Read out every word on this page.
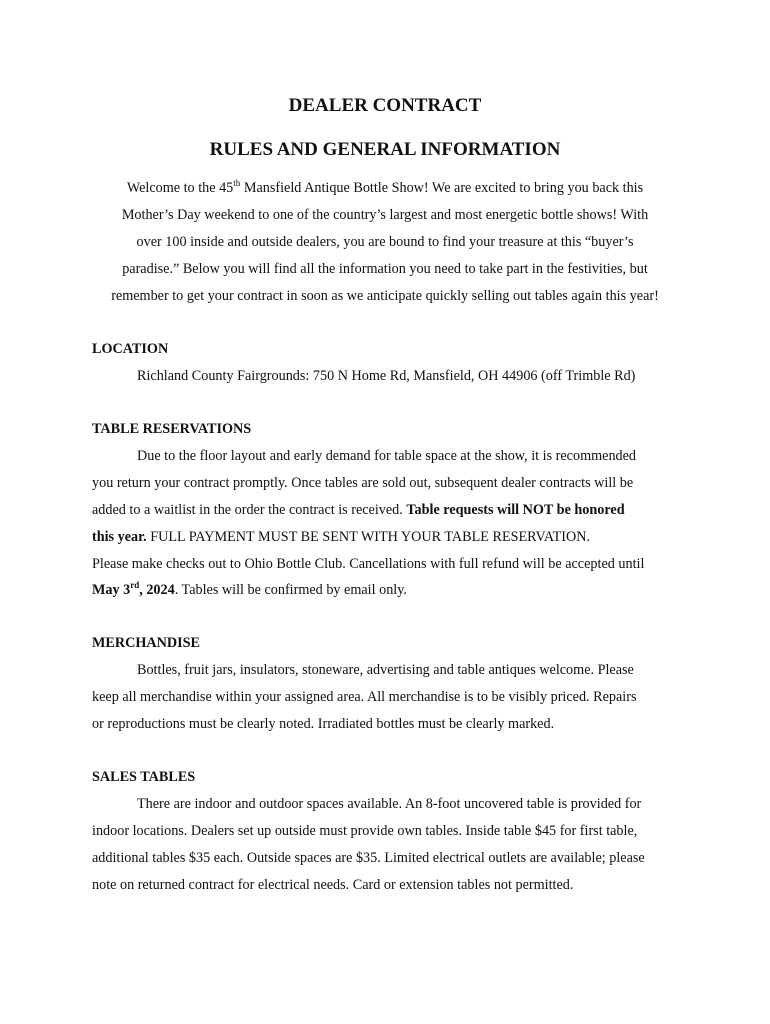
DEALER CONTRACT
RULES AND GENERAL INFORMATION

Welcome to the 45th Mansfield Antique Bottle Show! We are excited to bring you back this

Mother’s Day weekend to one of the country’s largest and most energetic bottle shows! With

over 100 inside and outside dealers, you are bound to find your treasure at this “buyer’s

paradise.” Below you will find all the information you need to take part in the festivities, but

remember to get your contract in soon as we anticipate quickly selling out tables again this year!

LOCATION

Richland County Fairgrounds: 750 N Home Rd, Mansfield, OH 44906 (off Trimble Rd)

TABLE RESERVATIONS

Due to the floor layout and early demand for table space at the show, it is recommended

you return your contract promptly. Once tables are sold out, subsequent dealer contracts will be

added to a waitlist in the order the contract is received. Table requests will NOT be honored

this year. FULL PAYMENT MUST BE SENT WITH YOUR TABLE RESERVATION.

Please make checks out to Ohio Bottle Club. Cancellations with full refund will be accepted until

May 3rd, 2024. Tables will be confirmed by email only.

MERCHANDISE

Bottles, fruit jars, insulators, stoneware, advertising and table antiques welcome. Please

keep all merchandise within your assigned area. All merchandise is to be visibly priced. Repairs

or reproductions must be clearly noted. Irradiated bottles must be clearly marked.

SALES TABLES

There are indoor and outdoor spaces available. An 8-foot uncovered table is provided for

indoor locations. Dealers set up outside must provide own tables. Inside table $45 for first table,

additional tables $35 each. Outside spaces are $35. Limited electrical outlets are available; please

note on returned contract for electrical needs. Card or extension tables not permitted.
